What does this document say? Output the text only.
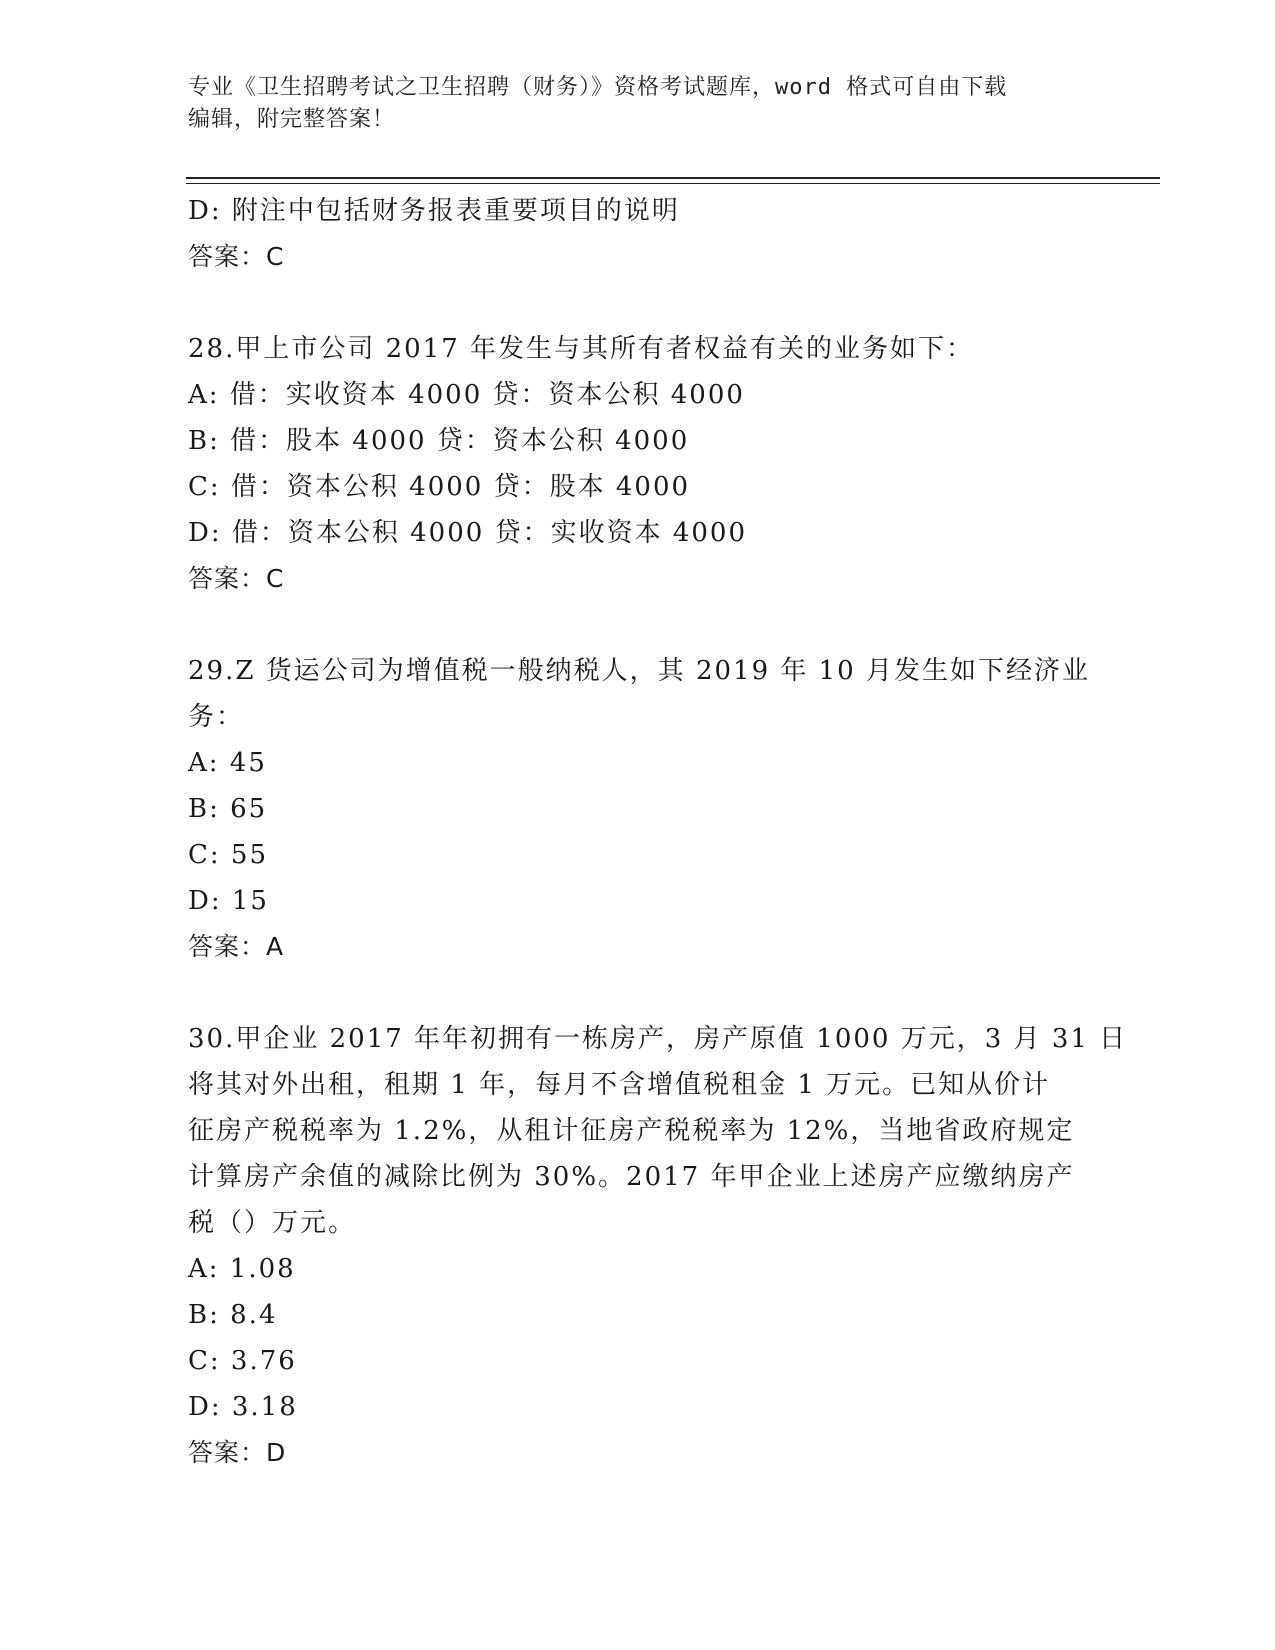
专业《卫生招聘考试之卫生招聘（财务）》资格考试题库，word 格式可自由下载
编辑，附完整答案！
D: 附注中包括财务报表重要项目的说明
答案：C
28.甲上市公司 2017 年发生与其所有者权益有关的业务如下：
A: 借：实收资本 4000 贷：资本公积 4000
B: 借：股本 4000 贷：资本公积 4000
C: 借：资本公积 4000 贷：股本 4000
D: 借：资本公积 4000 贷：实收资本 4000
答案：C
29.Z 货运公司为增值税一般纳税人，其 2019 年 10 月发生如下经济业
务：
A: 45
B: 65
C: 55
D: 15
答案：A
30.甲企业 2017 年年初拥有一栋房产，房产原值 1000 万元，3 月 31 日
将其对外出租，租期 1 年，每月不含增值税租金 1 万元。已知从价计
征房产税税率为 1.2%，从租计征房产税税率为 12%，当地省政府规定
计算房产余值的减除比例为 30%。2017 年甲企业上述房产应缴纳房产
税（）万元。
A: 1.08
B: 8.4
C: 3.76
D: 3.18
答案：D
